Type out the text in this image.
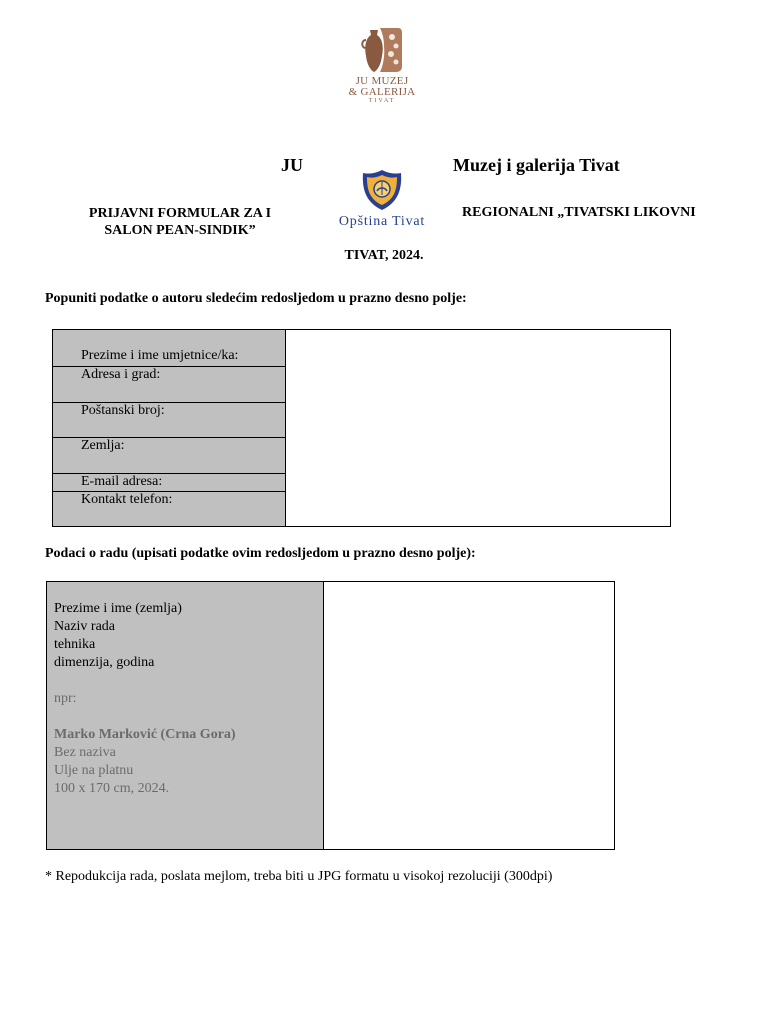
JU MUZEJ
& GALERIJA
TIVAT
JU	Muzej i galerija Tivat
Opština Tivat
PRIJAVNI FORMULAR ZA I SALON PEAN-SINDIK”
REGIONALNI „TIVATSKI LIKOVNI
TIVAT, 2024.
Popuniti podatke o autoru sledećim redosljedom u prazno desno polje:
Prezime i ime umjetnice/ka:
Adresa i grad:
Poštanski broj:
Zemlja:
E-mail adresa:
Kontakt telefon:
Podaci o radu (upisati podatke ovim redosljedom u prazno desno polje):
Prezime i ime (zemlja)
Naziv rada
tehnika
dimenzija, godina
npr:
Marko Marković (Crna Gora)
Bez naziva
Ulje na platnu
100 x 170 cm, 2024.
* Repodukcija rada, poslata mejlom, treba biti u JPG formatu u visokoj rezoluciji (300dpi)
